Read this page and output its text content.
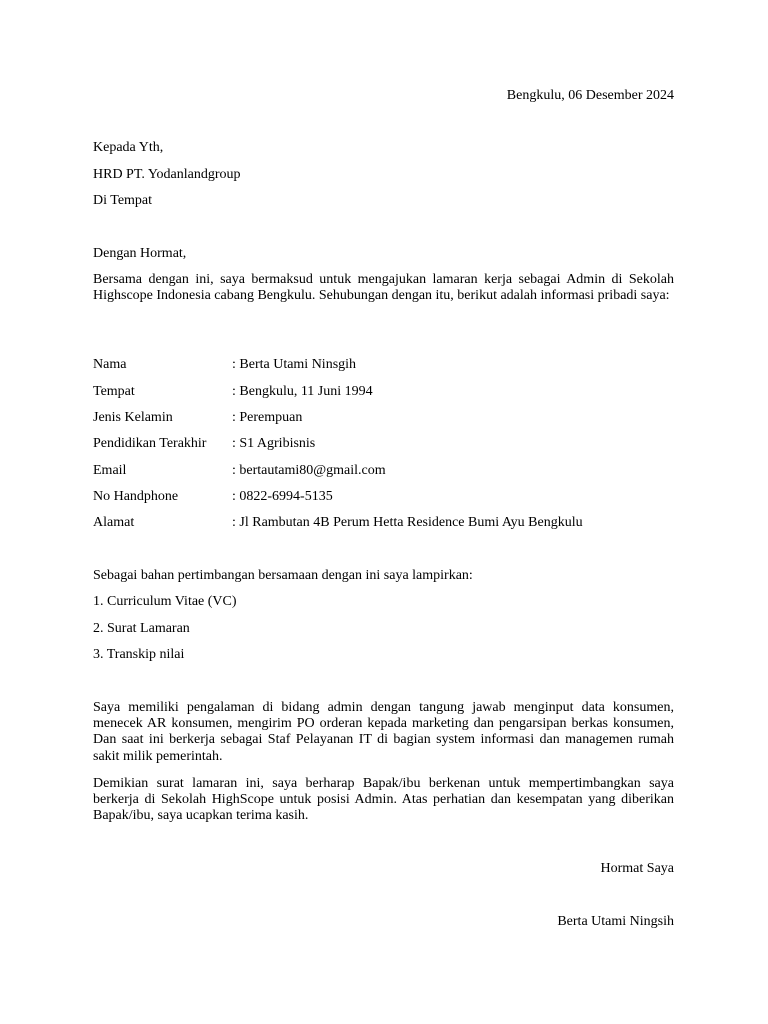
Bengkulu, 06 Desember 2024
Kepada Yth,
HRD PT. Yodanlandgroup
Di Tempat
Dengan Hormat,
Bersama dengan ini, saya bermaksud untuk mengajukan lamaran kerja sebagai Admin di Sekolah Highscope Indonesia cabang Bengkulu. Sehubungan dengan itu, berikut adalah informasi pribadi saya:
Nama	: Berta Utami Ninsgih
Tempat	: Bengkulu, 11 Juni 1994
Jenis Kelamin	: Perempuan
Pendidikan Terakhir : S1 Agribisnis
Email	: bertautami80@gmail.com
No Handphone	: 0822-6994-5135
Alamat	: Jl Rambutan 4B Perum Hetta Residence Bumi Ayu Bengkulu
Sebagai bahan pertimbangan bersamaan dengan ini saya lampirkan:
1. Curriculum Vitae (VC)
2. Surat Lamaran
3. Transkip nilai
Saya memiliki pengalaman di bidang admin dengan tangung jawab menginput data konsumen, menecek AR konsumen, mengirim PO orderan kepada marketing dan pengarsipan berkas konsumen, Dan saat ini berkerja sebagai Staf Pelayanan IT di bagian system informasi dan managemen rumah sakit milik pemerintah.
Demikian surat lamaran ini, saya berharap Bapak/ibu berkenan untuk mempertimbangkan saya berkerja di Sekolah HighScope untuk posisi Admin. Atas perhatian dan kesempatan yang diberikan Bapak/ibu, saya ucapkan terima kasih.
Hormat Saya
Berta Utami Ningsih
